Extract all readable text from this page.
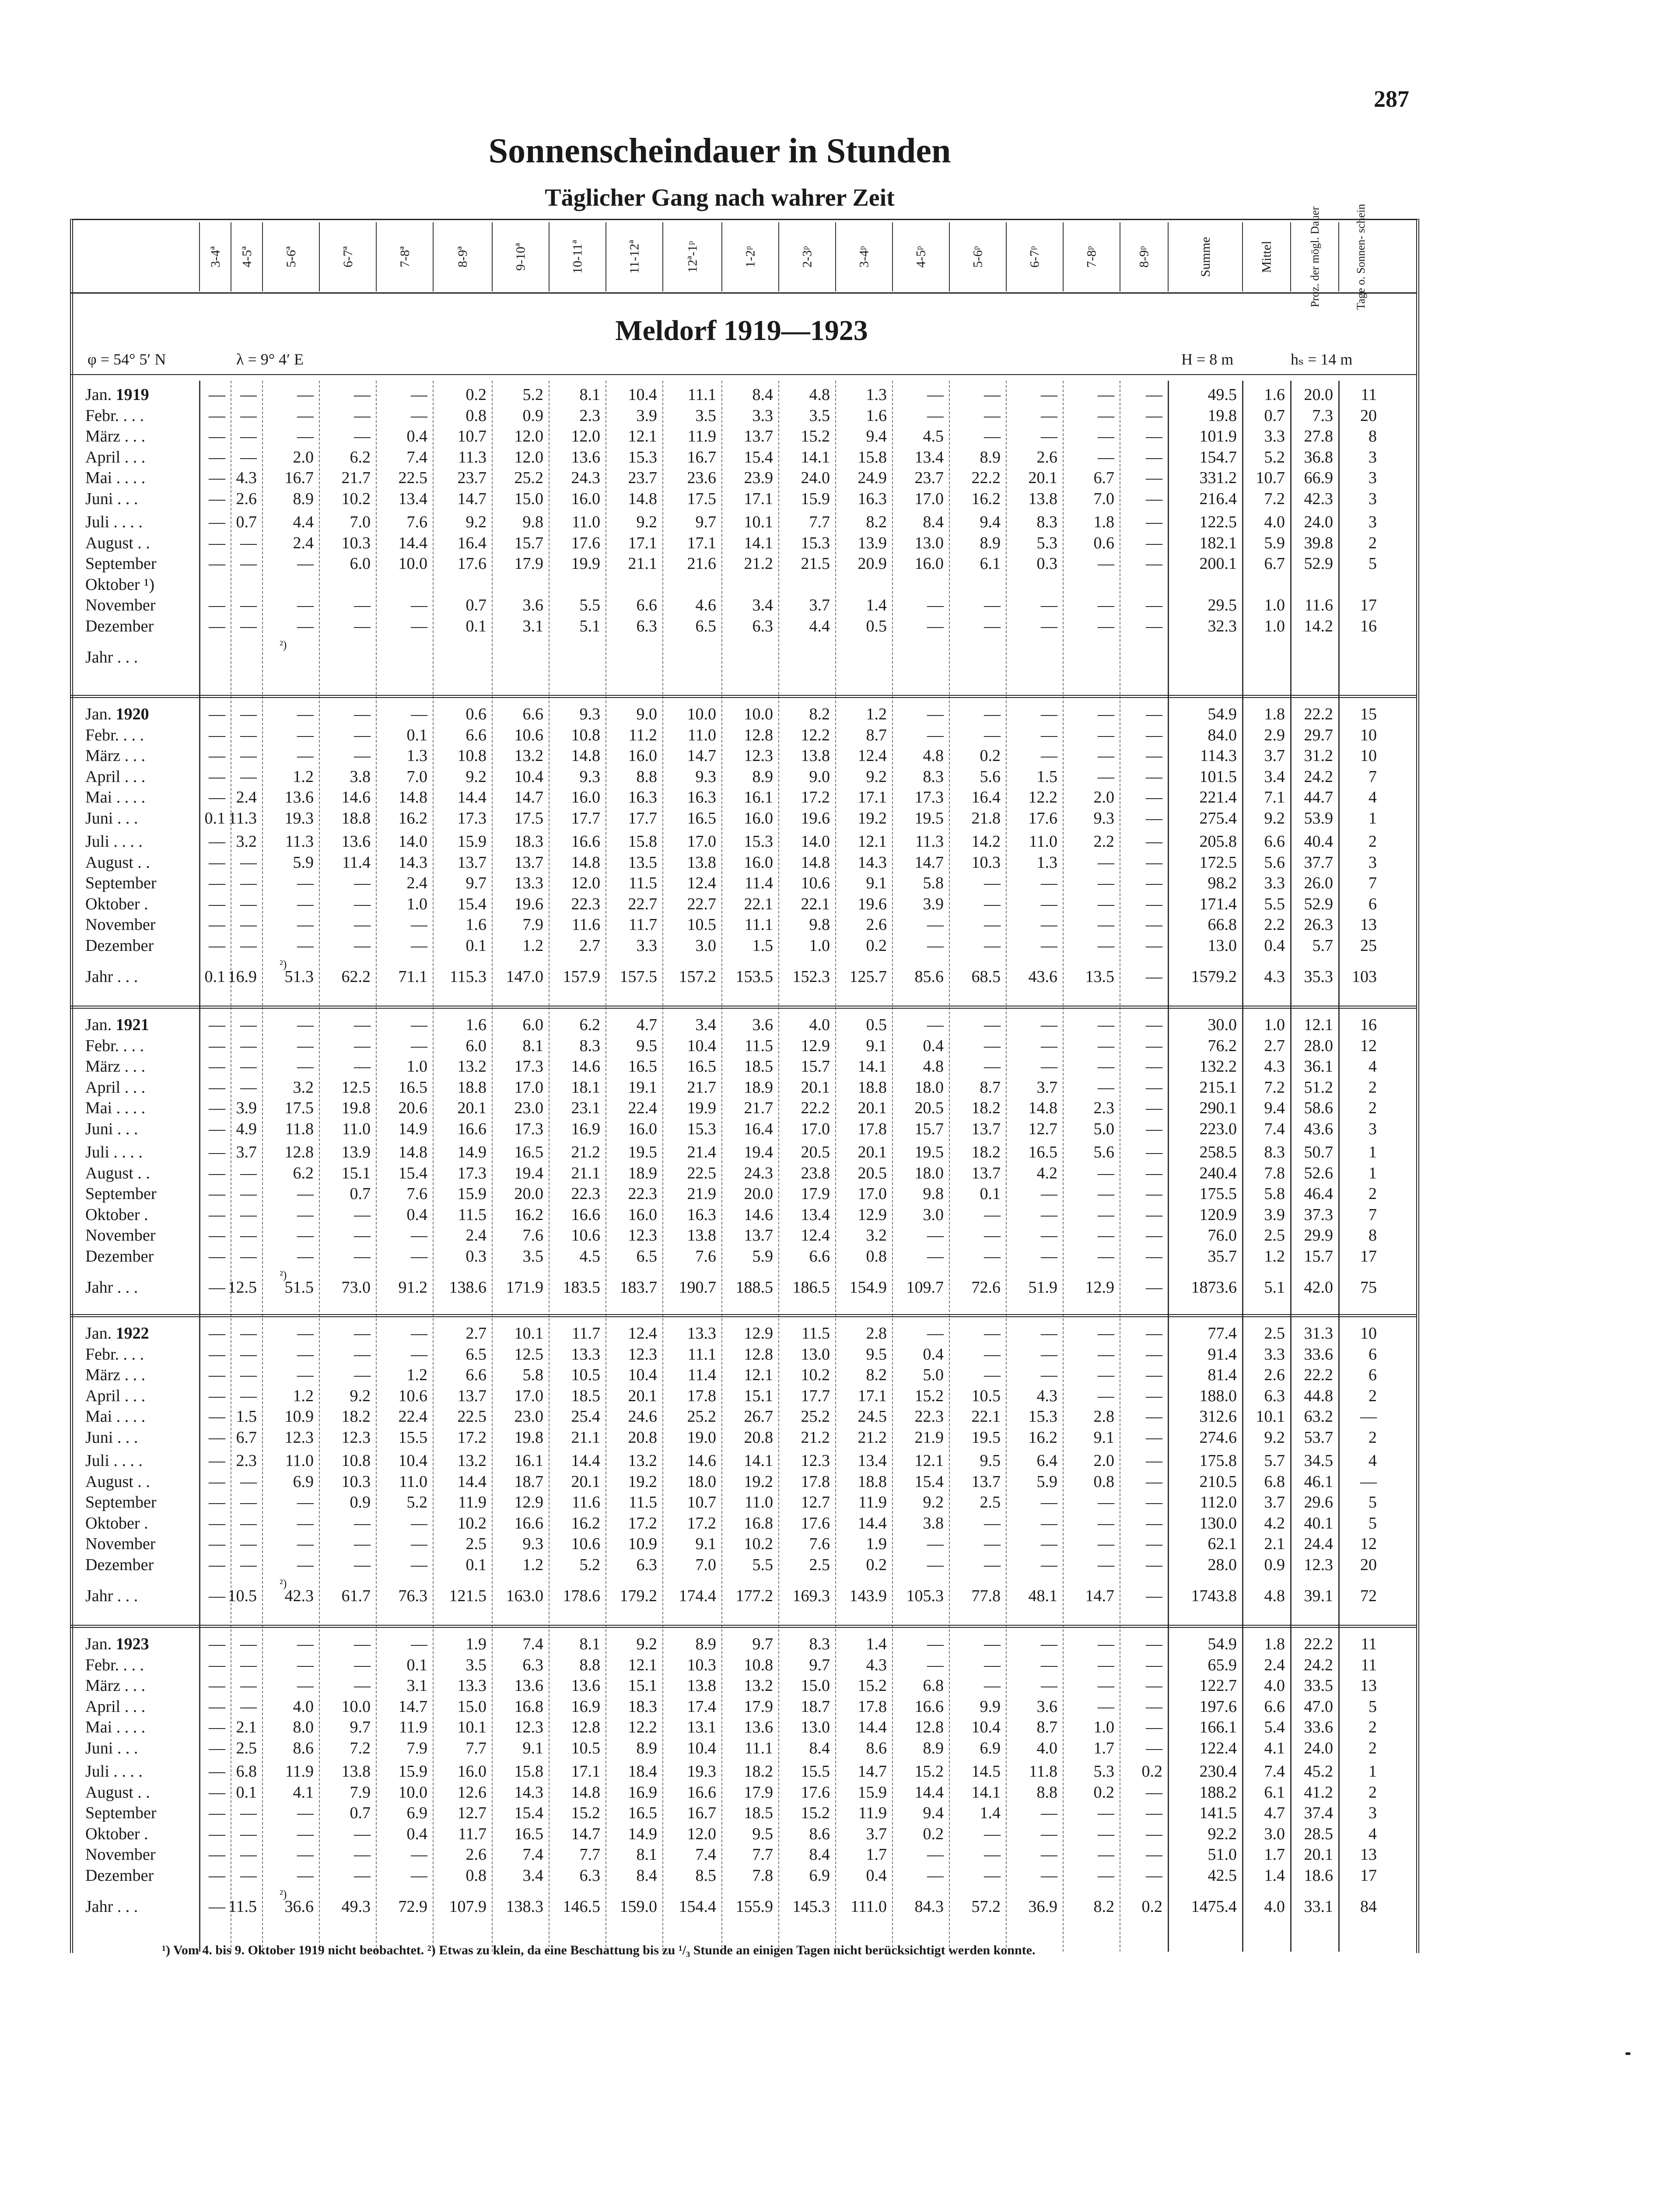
287
Sonnenscheindauer in Stunden
Täglicher Gang nach wahrer Zeit
3-4ª 4-5ª 5-6ª	6-7ª	7-8ª	8-9ª	9-10ª	10-11ª	11-12ª	12ª-1ᵖ	1-2ᵖ	2-3ᵖ	3-4ᵖ	4-5ᵖ	5-6ᵖ	6-7ᵖ	7-8ᵖ	8-9ᵖ	Summe	Mittel	Proz. der mögl. Dauer	Tage o. Sonnen- schein
Meldorf 1919—1923
φ = 54° 5′ N	λ = 9° 4′ E	H = 8 m	hₛ = 14 m
Jan. 1919	— —	—	—	—	0.2	5.2	8.1	10.4	11.1	8.4	4.8	1.3	—	—	—	—	—	49.5	1.6	20.0	11
Febr. . . .	— —	—	—	—	0.8	0.9	2.3	3.9	3.5	3.3	3.5	1.6	—	—	—	—	—	19.8	0.7	7.3	20
März . . .	— —	—	—	0.4	10.7	12.0	12.0	12.1	11.9	13.7	15.2	9.4	4.5	—	—	—	—	101.9	3.3	27.8	8
April . . .	— —	2.0	6.2	7.4	11.3	12.0	13.6	15.3	16.7	15.4	14.1	15.8	13.4	8.9	2.6	—	—	154.7	5.2	36.8	3
Mai . . . .	— 4.3	16.7	21.7	22.5	23.7	25.2	24.3	23.7	23.6	23.9	24.0	24.9	23.7	22.2	20.1	6.7	—	331.2	10.7	66.9	3
Juni . . .	— 2.6	8.9	10.2	13.4	14.7	15.0	16.0	14.8	17.5	17.1	15.9	16.3	17.0	16.2	13.8	7.0	—	216.4	7.2	42.3	3
Juli . . . .	— 0.7	4.4	7.0	7.6	9.2	9.8	11.0	9.2	9.7	10.1	7.7	8.2	8.4	9.4	8.3	1.8	—	122.5	4.0	24.0	3
August . .	— —	2.4	10.3	14.4	16.4	15.7	17.6	17.1	17.1	14.1	15.3	13.9	13.0	8.9	5.3	0.6	—	182.1	5.9	39.8	2
September	— —	—	6.0	10.0	17.6	17.9	19.9	21.1	21.6	21.2	21.5	20.9	16.0	6.1	0.3	—	—	200.1	6.7	52.9	5
Oktober ¹)
November	— —	—	—	—	0.7	3.6	5.5	6.6	4.6	3.4	3.7	1.4	—	—	—	—	—	29.5	1.0	11.6	17
Dezember	— —	—	—	—	0.1	3.1	5.1	6.3	6.5	6.3	4.4	0.5	—	—	—	—	—	32.3	1.0	14.2	16
²)
Jahr . . .
Jan. 1920	— —	—	—	—	0.6	6.6	9.3	9.0	10.0	10.0	8.2	1.2	—	—	—	—	—	54.9	1.8	22.2	15
Febr. . . .	— —	—	—	0.1	6.6	10.6	10.8	11.2	11.0	12.8	12.2	8.7	—	—	—	—	—	84.0	2.9	29.7	10
März . . .	— —	—	—	1.3	10.8	13.2	14.8	16.0	14.7	12.3	13.8	12.4	4.8	0.2	—	—	—	114.3	3.7	31.2	10
April . . .	— —	1.2	3.8	7.0	9.2	10.4	9.3	8.8	9.3	8.9	9.0	9.2	8.3	5.6	1.5	—	—	101.5	3.4	24.2	7
Mai . . . .	— 2.4	13.6	14.6	14.8	14.4	14.7	16.0	16.3	16.3	16.1	17.2	17.1	17.3	16.4	12.2	2.0	—	221.4	7.1	44.7	4
Juni . . .	0.1 11.3	19.3	18.8	16.2	17.3	17.5	17.7	17.7	16.5	16.0	19.6	19.2	19.5	21.8	17.6	9.3	—	275.4	9.2	53.9	1
Juli . . . .	— 3.2	11.3	13.6	14.0	15.9	18.3	16.6	15.8	17.0	15.3	14.0	12.1	11.3	14.2	11.0	2.2	—	205.8	6.6	40.4	2
August . .	— —	5.9	11.4	14.3	13.7	13.7	14.8	13.5	13.8	16.0	14.8	14.3	14.7	10.3	1.3	—	—	172.5	5.6	37.7	3
September	— —	—	—	2.4	9.7	13.3	12.0	11.5	12.4	11.4	10.6	9.1	5.8	—	—	—	—	98.2	3.3	26.0	7
Oktober .	— —	—	—	1.0	15.4	19.6	22.3	22.7	22.7	22.1	22.1	19.6	3.9	—	—	—	—	171.4	5.5	52.9	6
November	— —	—	—	—	1.6	7.9	11.6	11.7	10.5	11.1	9.8	2.6	—	—	—	—	—	66.8	2.2	26.3	13
Dezember	— —	—	—	—	0.1	1.2	2.7	3.3	3.0	1.5	1.0	0.2	—	—	—	—	—	13.0	0.4	5.7	25
²)
Jahr . . .	0.1 16.9	51.3	62.2	71.1	115.3	147.0	157.9	157.5	157.2	153.5	152.3	125.7	85.6	68.5	43.6	13.5	—	1579.2	4.3	35.3	103
Jan. 1921	— —	—	—	—	1.6	6.0	6.2	4.7	3.4	3.6	4.0	0.5	—	—	—	—	—	30.0	1.0	12.1	16
Febr. . . .	— —	—	—	—	6.0	8.1	8.3	9.5	10.4	11.5	12.9	9.1	0.4	—	—	—	—	76.2	2.7	28.0	12
März . . .	— —	—	—	1.0	13.2	17.3	14.6	16.5	16.5	18.5	15.7	14.1	4.8	—	—	—	—	132.2	4.3	36.1	4
April . . .	— —	3.2	12.5	16.5	18.8	17.0	18.1	19.1	21.7	18.9	20.1	18.8	18.0	8.7	3.7	—	—	215.1	7.2	51.2	2
Mai . . . .	— 3.9	17.5	19.8	20.6	20.1	23.0	23.1	22.4	19.9	21.7	22.2	20.1	20.5	18.2	14.8	2.3	—	290.1	9.4	58.6	2
Juni . . .	— 4.9	11.8	11.0	14.9	16.6	17.3	16.9	16.0	15.3	16.4	17.0	17.8	15.7	13.7	12.7	5.0	—	223.0	7.4	43.6	3
Juli . . . .	— 3.7	12.8	13.9	14.8	14.9	16.5	21.2	19.5	21.4	19.4	20.5	20.1	19.5	18.2	16.5	5.6	—	258.5	8.3	50.7	1
August . .	— —	6.2	15.1	15.4	17.3	19.4	21.1	18.9	22.5	24.3	23.8	20.5	18.0	13.7	4.2	—	—	240.4	7.8	52.6	1
September	— —	—	0.7	7.6	15.9	20.0	22.3	22.3	21.9	20.0	17.9	17.0	9.8	0.1	—	—	—	175.5	5.8	46.4	2
Oktober .	— —	—	—	0.4	11.5	16.2	16.6	16.0	16.3	14.6	13.4	12.9	3.0	—	—	—	—	120.9	3.9	37.3	7
November	— —	—	—	—	2.4	7.6	10.6	12.3	13.8	13.7	12.4	3.2	—	—	—	—	—	76.0	2.5	29.9	8
Dezember	— —	—	—	—	0.3	3.5	4.5	6.5	7.6	5.9	6.6	0.8	—	—	—	—	—	35.7	1.2	15.7	17
²)
Jahr . . .	— 12.5	51.5	73.0	91.2	138.6	171.9	183.5	183.7	190.7	188.5	186.5	154.9	109.7	72.6	51.9	12.9	—	1873.6	5.1	42.0	75
Jan. 1922	— —	—	—	—	2.7	10.1	11.7	12.4	13.3	12.9	11.5	2.8	—	—	—	—	—	77.4	2.5	31.3	10
Febr. . . .	— —	—	—	—	6.5	12.5	13.3	12.3	11.1	12.8	13.0	9.5	0.4	—	—	—	—	91.4	3.3	33.6	6
März . . .	— —	—	—	1.2	6.6	5.8	10.5	10.4	11.4	12.1	10.2	8.2	5.0	—	—	—	—	81.4	2.6	22.2	6
April . . .	— —	1.2	9.2	10.6	13.7	17.0	18.5	20.1	17.8	15.1	17.7	17.1	15.2	10.5	4.3	—	—	188.0	6.3	44.8	2
Mai . . . .	— 1.5	10.9	18.2	22.4	22.5	23.0	25.4	24.6	25.2	26.7	25.2	24.5	22.3	22.1	15.3	2.8	—	312.6	10.1	63.2	—
Juni . . .	— 6.7	12.3	12.3	15.5	17.2	19.8	21.1	20.8	19.0	20.8	21.2	21.2	21.9	19.5	16.2	9.1	—	274.6	9.2	53.7	2
Juli . . . .	— 2.3	11.0	10.8	10.4	13.2	16.1	14.4	13.2	14.6	14.1	12.3	13.4	12.1	9.5	6.4	2.0	—	175.8	5.7	34.5	4
August . .	— —	6.9	10.3	11.0	14.4	18.7	20.1	19.2	18.0	19.2	17.8	18.8	15.4	13.7	5.9	0.8	—	210.5	6.8	46.1	—
September	— —	—	0.9	5.2	11.9	12.9	11.6	11.5	10.7	11.0	12.7	11.9	9.2	2.5	—	—	—	112.0	3.7	29.6	5
Oktober .	— —	—	—	—	10.2	16.6	16.2	17.2	17.2	16.8	17.6	14.4	3.8	—	—	—	—	130.0	4.2	40.1	5
November	— —	—	—	—	2.5	9.3	10.6	10.9	9.1	10.2	7.6	1.9	—	—	—	—	—	62.1	2.1	24.4	12
Dezember	— —	—	—	—	0.1	1.2	5.2	6.3	7.0	5.5	2.5	0.2	—	—	—	—	—	28.0	0.9	12.3	20
²)
Jahr . . .	— 10.5	42.3	61.7	76.3	121.5	163.0	178.6	179.2	174.4	177.2	169.3	143.9	105.3	77.8	48.1	14.7	—	1743.8	4.8	39.1	72
Jan. 1923	— —	—	—	—	1.9	7.4	8.1	9.2	8.9	9.7	8.3	1.4	—	—	—	—	—	54.9	1.8	22.2	11
Febr. . . .	— —	—	—	0.1	3.5	6.3	8.8	12.1	10.3	10.8	9.7	4.3	—	—	—	—	—	65.9	2.4	24.2	11
März . . .	— —	—	—	3.1	13.3	13.6	13.6	15.1	13.8	13.2	15.0	15.2	6.8	—	—	—	—	122.7	4.0	33.5	13
April . . .	— —	4.0	10.0	14.7	15.0	16.8	16.9	18.3	17.4	17.9	18.7	17.8	16.6	9.9	3.6	—	—	197.6	6.6	47.0	5
Mai . . . .	— 2.1	8.0	9.7	11.9	10.1	12.3	12.8	12.2	13.1	13.6	13.0	14.4	12.8	10.4	8.7	1.0	—	166.1	5.4	33.6	2
Juni . . .	— 2.5	8.6	7.2	7.9	7.7	9.1	10.5	8.9	10.4	11.1	8.4	8.6	8.9	6.9	4.0	1.7	—	122.4	4.1	24.0	2
Juli . . . .	— 6.8	11.9	13.8	15.9	16.0	15.8	17.1	18.4	19.3	18.2	15.5	14.7	15.2	14.5	11.8	5.3	0.2	230.4	7.4	45.2	1
August . .	— 0.1	4.1	7.9	10.0	12.6	14.3	14.8	16.9	16.6	17.9	17.6	15.9	14.4	14.1	8.8	0.2	—	188.2	6.1	41.2	2
September	— —	—	0.7	6.9	12.7	15.4	15.2	16.5	16.7	18.5	15.2	11.9	9.4	1.4	—	—	—	141.5	4.7	37.4	3
Oktober .	— —	—	—	0.4	11.7	16.5	14.7	14.9	12.0	9.5	8.6	3.7	0.2	—	—	—	—	92.2	3.0	28.5	4
November	— —	—	—	—	2.6	7.4	7.7	8.1	7.4	7.7	8.4	1.7	—	—	—	—	—	51.0	1.7	20.1	13
Dezember	— —	—	—	—	0.8	3.4	6.3	8.4	8.5	7.8	6.9	0.4	—	—	—	—	—	42.5	1.4	18.6	17
²)
Jahr . . .	— 11.5	36.6	49.3	72.9	107.9	138.3	146.5	159.0	154.4	155.9	145.3	111.0	84.3	57.2	36.9	8.2	0.2	1475.4	4.0	33.1	84
¹) Vom 4. bis 9. Oktober 1919 nicht beobachtet. ²) Etwas zu klein, da eine Beschattung bis zu ¹/₃ Stunde an einigen Tagen nicht berücksichtigt werden konnte.
